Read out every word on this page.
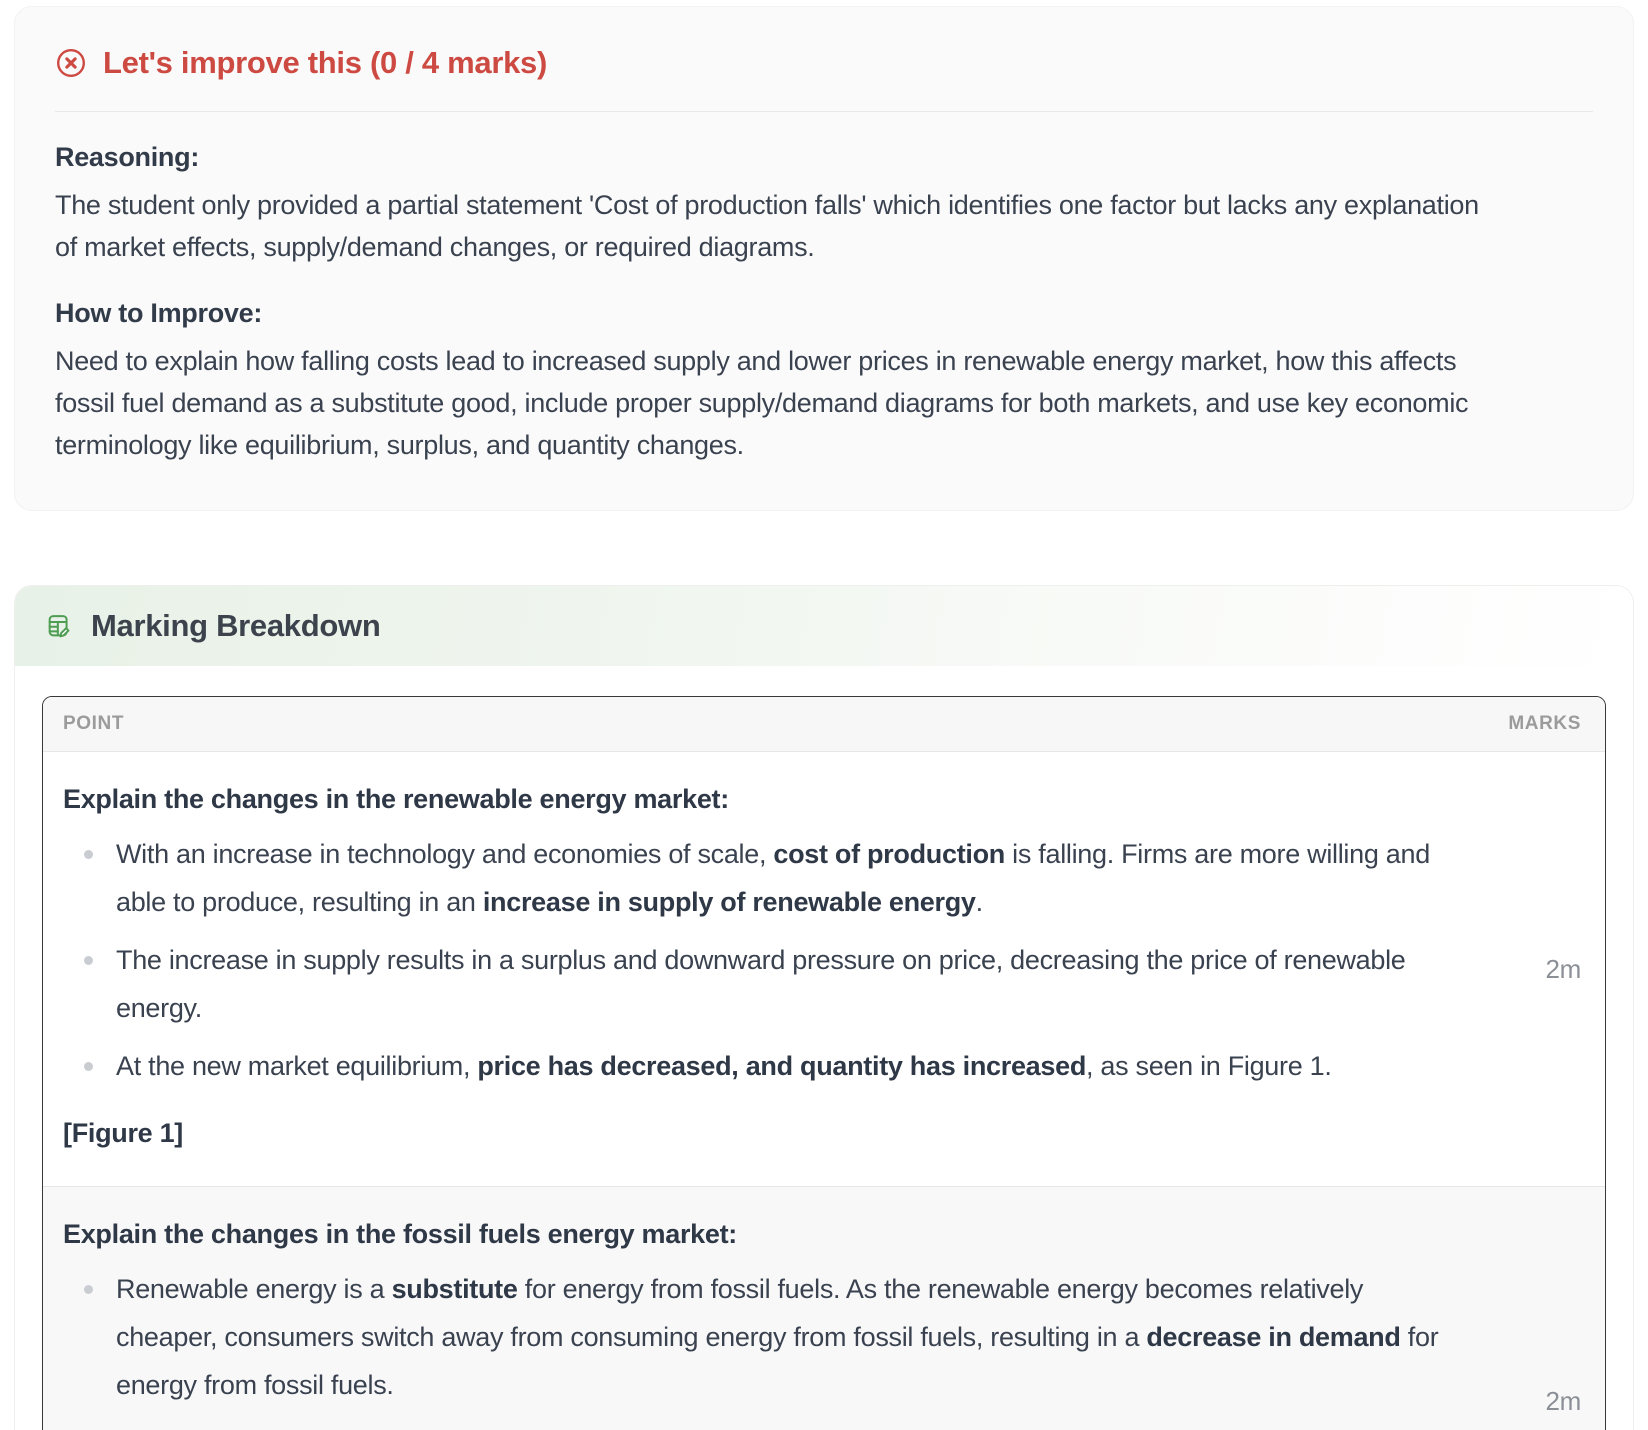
Let's improve this (0 / 4 marks)
Reasoning:
The student only provided a partial statement 'Cost of production falls' which identifies one factor but lacks any explanation of market effects, supply/demand changes, or required diagrams.
How to Improve:
Need to explain how falling costs lead to increased supply and lower prices in renewable energy market, how this affects fossil fuel demand as a substitute good, include proper supply/demand diagrams for both markets, and use key economic terminology like equilibrium, surplus, and quantity changes.
Marking Breakdown
POINT	MARKS
Explain the changes in the renewable energy market:

With an increase in technology and economies of scale, cost of production is falling. Firms are more willing and able to produce, resulting in an increase in supply of renewable energy.

The increase in supply results in a surplus and downward pressure on price, decreasing the price of renewable energy.

At the new market equilibrium, price has decreased, and quantity has increased, as seen in Figure 1.

[Figure 1]
2m
Explain the changes in the fossil fuels energy market:

Renewable energy is a substitute for energy from fossil fuels. As the renewable energy becomes relatively cheaper, consumers switch away from consuming energy from fossil fuels, resulting in a decrease in demand for energy from fossil fuels.

2m
